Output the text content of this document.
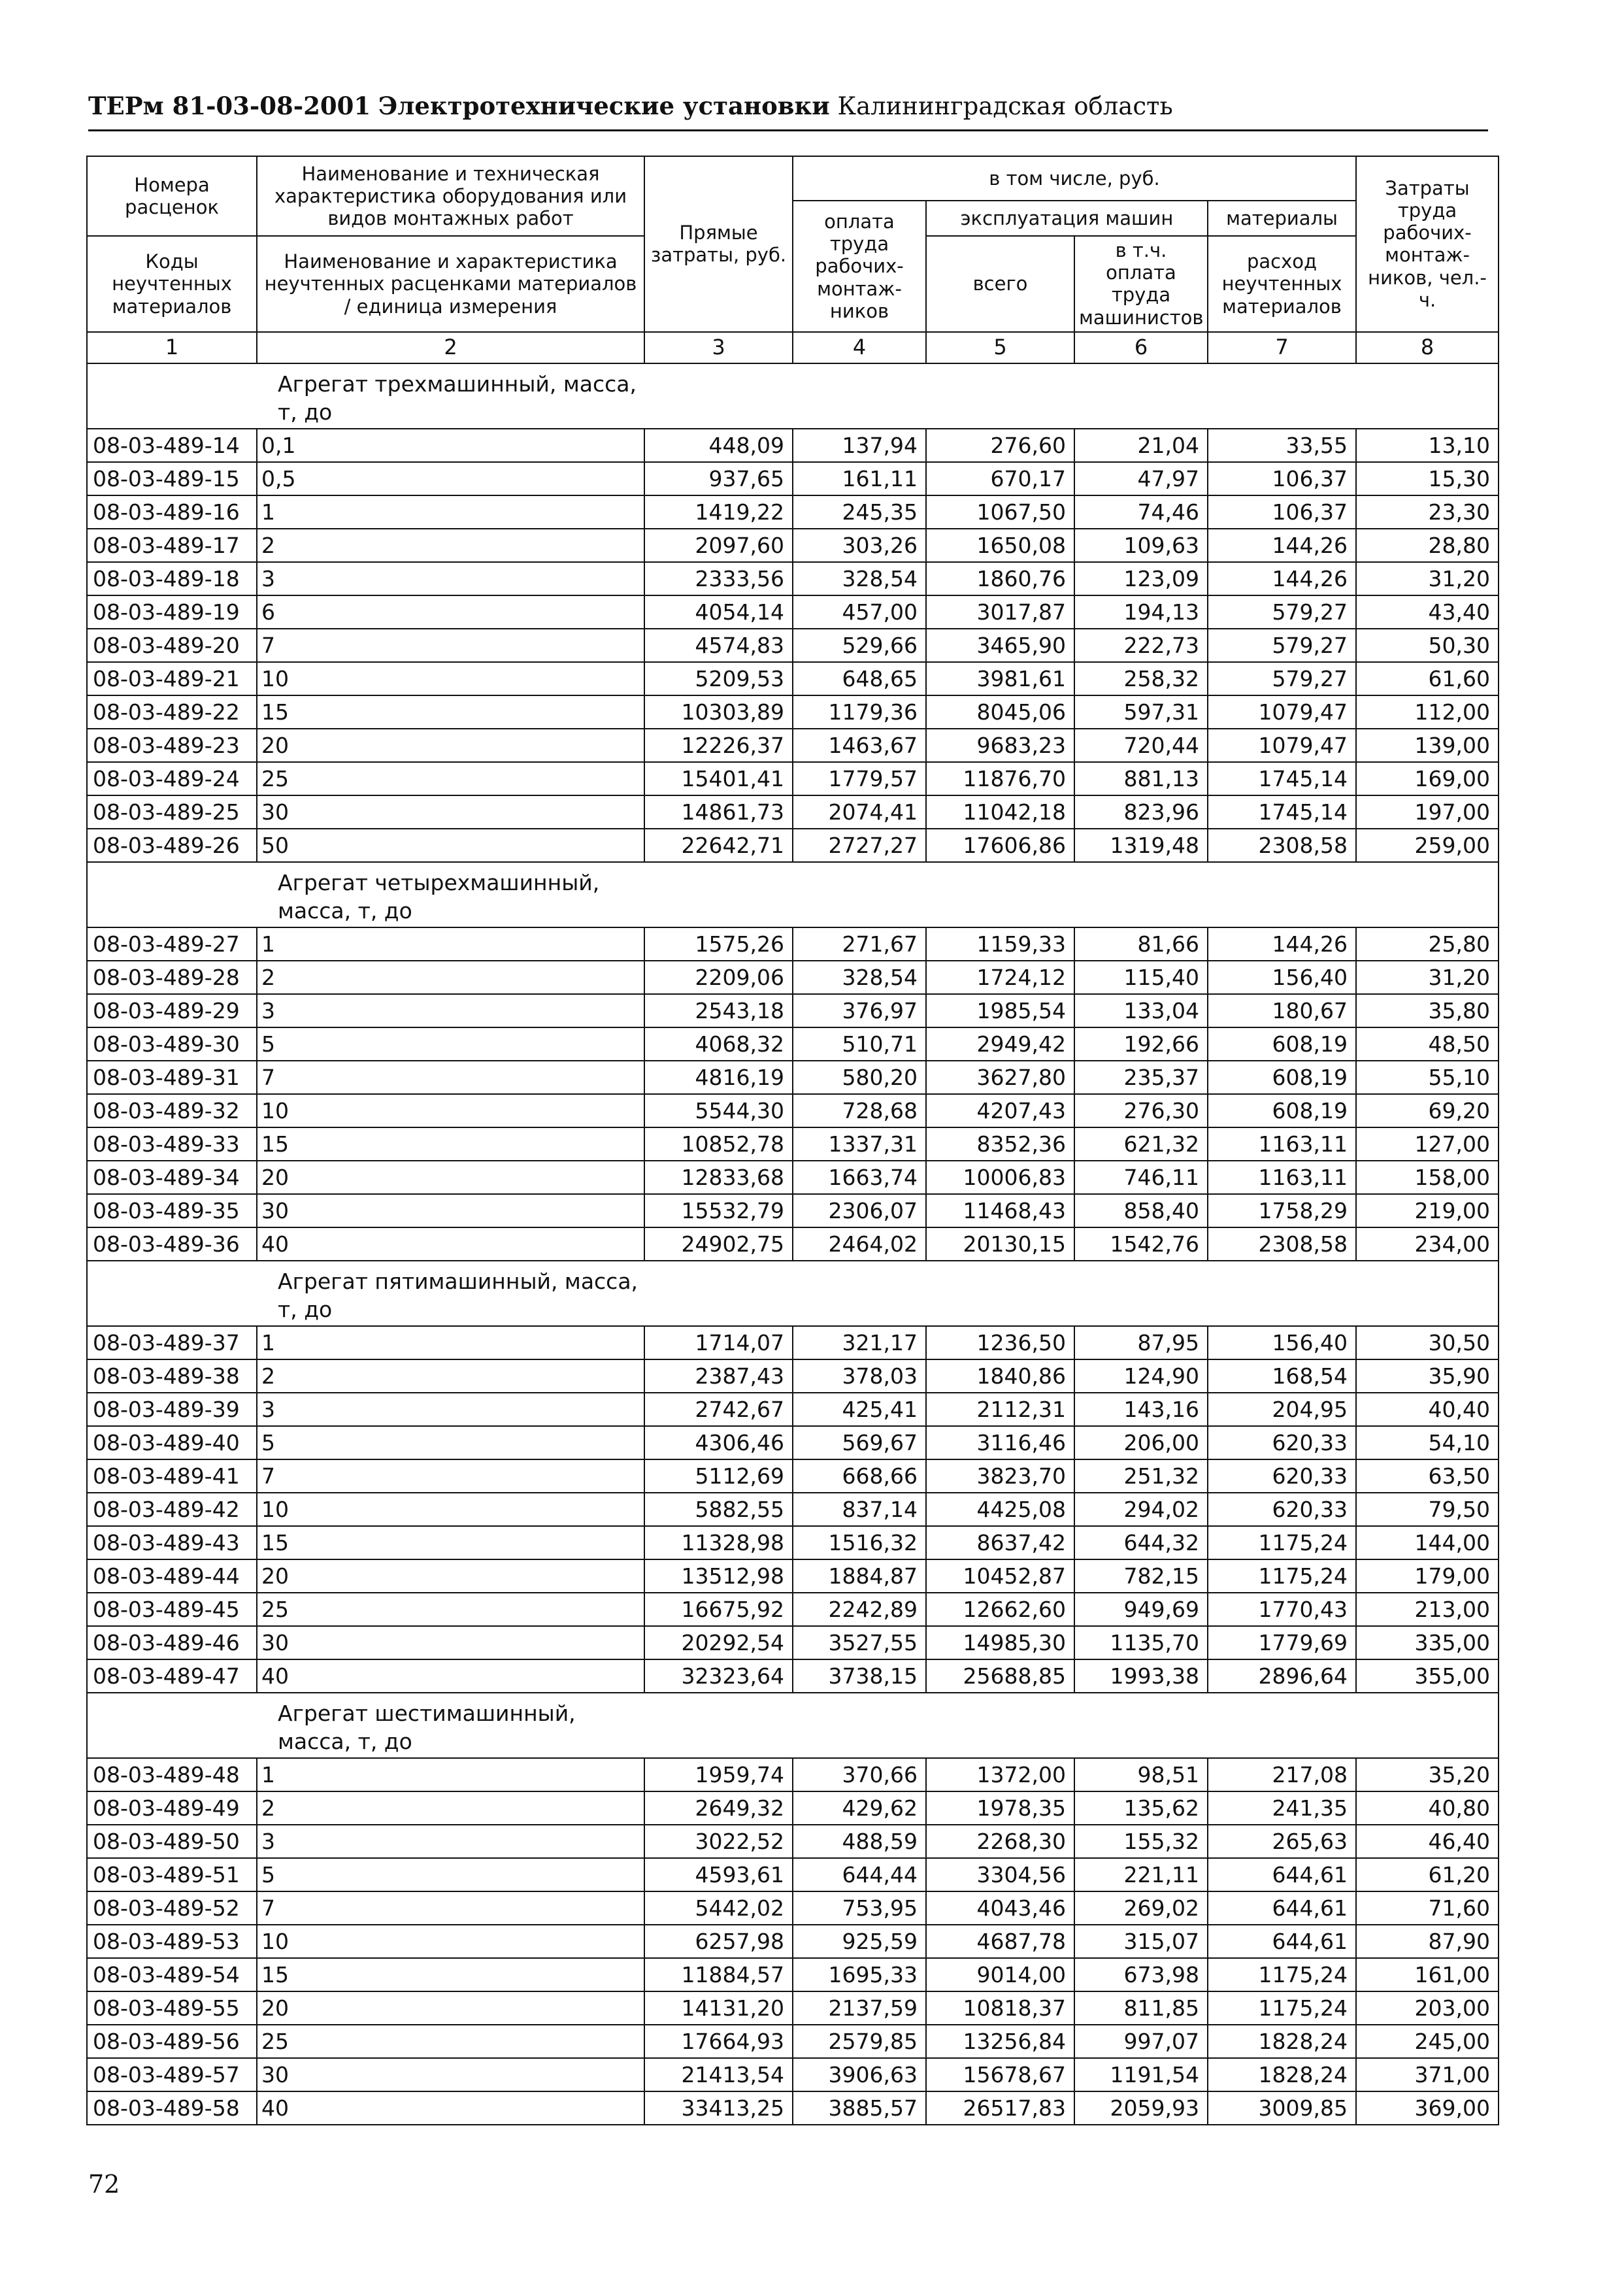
ТЕРм 81-03-08-2001 Электротехнические установки Калининградская область
Номера расценок	Наименование и техническая характеристика оборудования или видов монтажных работ	Прямые затраты, руб.	в том числе, руб.				Затраты труда рабочих-монтаж-ников, чел.-ч.
			оплата труда рабочих-монтаж-ников	эксплуатация машин		материалы	
Коды неучтенных материалов	Наименование и характеристика неучтенных расценками материалов / единица измерения			всего	в т.ч. оплата труда машинистов	расход неучтенных материалов	
1	2	3	4	5	6	7	8
	Агрегат трехмашинный, масса, т, до						
08-03-489-14	0,1	448,09	137,94	276,60	21,04	33,55	13,10
08-03-489-15	0,5	937,65	161,11	670,17	47,97	106,37	15,30
08-03-489-16	1	1419,22	245,35	1067,50	74,46	106,37	23,30
08-03-489-17	2	2097,60	303,26	1650,08	109,63	144,26	28,80
08-03-489-18	3	2333,56	328,54	1860,76	123,09	144,26	31,20
08-03-489-19	6	4054,14	457,00	3017,87	194,13	579,27	43,40
08-03-489-20	7	4574,83	529,66	3465,90	222,73	579,27	50,30
08-03-489-21	10	5209,53	648,65	3981,61	258,32	579,27	61,60
08-03-489-22	15	10303,89	1179,36	8045,06	597,31	1079,47	112,00
08-03-489-23	20	12226,37	1463,67	9683,23	720,44	1079,47	139,00
08-03-489-24	25	15401,41	1779,57	11876,70	881,13	1745,14	169,00
08-03-489-25	30	14861,73	2074,41	11042,18	823,96	1745,14	197,00
08-03-489-26	50	22642,71	2727,27	17606,86	1319,48	2308,58	259,00
	Агрегат четырехмашинный, масса, т, до						
08-03-489-27	1	1575,26	271,67	1159,33	81,66	144,26	25,80
08-03-489-28	2	2209,06	328,54	1724,12	115,40	156,40	31,20
08-03-489-29	3	2543,18	376,97	1985,54	133,04	180,67	35,80
08-03-489-30	5	4068,32	510,71	2949,42	192,66	608,19	48,50
08-03-489-31	7	4816,19	580,20	3627,80	235,37	608,19	55,10
08-03-489-32	10	5544,30	728,68	4207,43	276,30	608,19	69,20
08-03-489-33	15	10852,78	1337,31	8352,36	621,32	1163,11	127,00
08-03-489-34	20	12833,68	1663,74	10006,83	746,11	1163,11	158,00
08-03-489-35	30	15532,79	2306,07	11468,43	858,40	1758,29	219,00
08-03-489-36	40	24902,75	2464,02	20130,15	1542,76	2308,58	234,00
	Агрегат пятимашинный, масса, т, до						
08-03-489-37	1	1714,07	321,17	1236,50	87,95	156,40	30,50
08-03-489-38	2	2387,43	378,03	1840,86	124,90	168,54	35,90
08-03-489-39	3	2742,67	425,41	2112,31	143,16	204,95	40,40
08-03-489-40	5	4306,46	569,67	3116,46	206,00	620,33	54,10
08-03-489-41	7	5112,69	668,66	3823,70	251,32	620,33	63,50
08-03-489-42	10	5882,55	837,14	4425,08	294,02	620,33	79,50
08-03-489-43	15	11328,98	1516,32	8637,42	644,32	1175,24	144,00
08-03-489-44	20	13512,98	1884,87	10452,87	782,15	1175,24	179,00
08-03-489-45	25	16675,92	2242,89	12662,60	949,69	1770,43	213,00
08-03-489-46	30	20292,54	3527,55	14985,30	1135,70	1779,69	335,00
08-03-489-47	40	32323,64	3738,15	25688,85	1993,38	2896,64	355,00
	Агрегат шестимашинный, масса, т, до						
08-03-489-48	1	1959,74	370,66	1372,00	98,51	217,08	35,20
08-03-489-49	2	2649,32	429,62	1978,35	135,62	241,35	40,80
08-03-489-50	3	3022,52	488,59	2268,30	155,32	265,63	46,40
08-03-489-51	5	4593,61	644,44	3304,56	221,11	644,61	61,20
08-03-489-52	7	5442,02	753,95	4043,46	269,02	644,61	71,60
08-03-489-53	10	6257,98	925,59	4687,78	315,07	644,61	87,90
08-03-489-54	15	11884,57	1695,33	9014,00	673,98	1175,24	161,00
08-03-489-55	20	14131,20	2137,59	10818,37	811,85	1175,24	203,00
08-03-489-56	25	17664,93	2579,85	13256,84	997,07	1828,24	245,00
08-03-489-57	30	21413,54	3906,63	15678,67	1191,54	1828,24	371,00
08-03-489-58	40	33413,25	3885,57	26517,83	2059,93	3009,85	369,00
72
